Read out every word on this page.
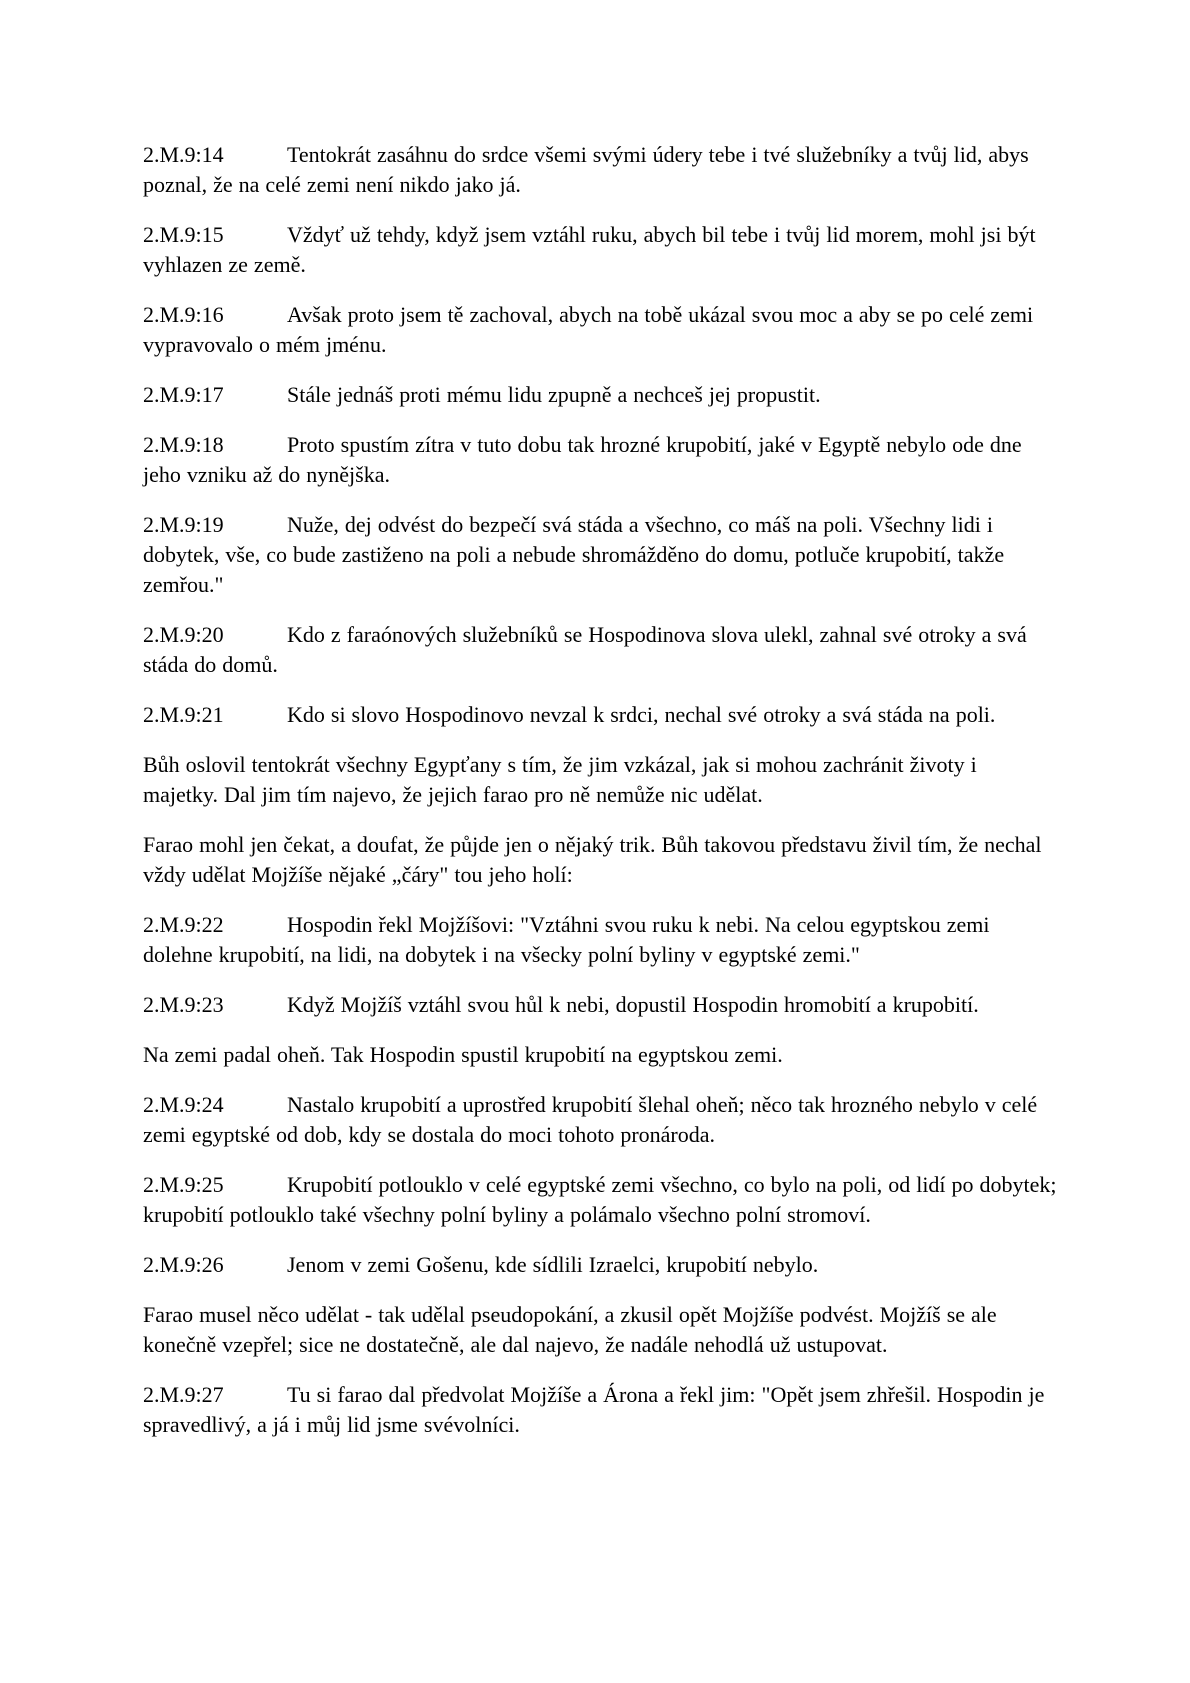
2.M.9:14	Tentokrát zasáhnu do srdce všemi svými údery tebe i tvé služebníky a tvůj lid, abys poznal, že na celé zemi není nikdo jako já.

2.M.9:15	Vždyť už tehdy, když jsem vztáhl ruku, abych bil tebe i tvůj lid morem, mohl jsi být vyhlazen ze země.

2.M.9:16	Avšak proto jsem tě zachoval, abych na tobě ukázal svou moc a aby se po celé zemi vypravovalo o mém jménu.

2.M.9:17	Stále jednáš proti mému lidu zpupně a nechceš jej propustit.

2.M.9:18	Proto spustím zítra v tuto dobu tak hrozné krupobití, jaké v Egyptě nebylo ode dne jeho vzniku až do nynějška.

2.M.9:19	Nuže, dej odvést do bezpečí svá stáda a všechno, co máš na poli. Všechny lidi i dobytek, vše, co bude zastiženo na poli a nebude shromážděno do domu, potluče krupobití, takže zemřou."

2.M.9:20	Kdo z faraónových služebníků se Hospodinova slova ulekl, zahnal své otroky a svá stáda do domů.

2.M.9:21	Kdo si slovo Hospodinovo nevzal k srdci, nechal své otroky a svá stáda na poli.

Bůh oslovil tentokrát všechny Egypťany s tím, že jim vzkázal, jak si mohou zachránit životy i majetky. Dal jim tím najevo, že jejich farao pro ně nemůže nic udělat.

Farao mohl jen čekat, a doufat, že půjde jen o nějaký trik. Bůh takovou představu živil tím, že nechal vždy udělat Mojžíše nějaké „čáry" tou jeho holí:

2.M.9:22	Hospodin řekl Mojžíšovi: "Vztáhni svou ruku k nebi. Na celou egyptskou zemi dolehne krupobití, na lidi, na dobytek i na všecky polní byliny v egyptské zemi."

2.M.9:23	Když Mojžíš vztáhl svou hůl k nebi, dopustil Hospodin hromobití a krupobití.

Na zemi padal oheň. Tak Hospodin spustil krupobití na egyptskou zemi.

2.M.9:24	Nastalo krupobití a uprostřed krupobití šlehal oheň; něco tak hrozného nebylo v celé zemi egyptské od dob, kdy se dostala do moci tohoto pronároda.

2.M.9:25	Krupobití potlouklo v celé egyptské zemi všechno, co bylo na poli, od lidí po dobytek; krupobití potlouklo také všechny polní byliny a polámalo všechno polní stromoví.

2.M.9:26	Jenom v zemi Gošenu, kde sídlili Izraelci, krupobití nebylo.

Farao musel něco udělat - tak udělal pseudopokání, a zkusil opět Mojžíše podvést. Mojžíš se ale konečně vzepřel; sice ne dostatečně, ale dal najevo, že nadále nehodlá už ustupovat.

2.M.9:27	Tu si farao dal předvolat Mojžíše a Árona a řekl jim: "Opět jsem zhřešil. Hospodin je spravedlivý, a já i můj lid jsme svévolníci.
